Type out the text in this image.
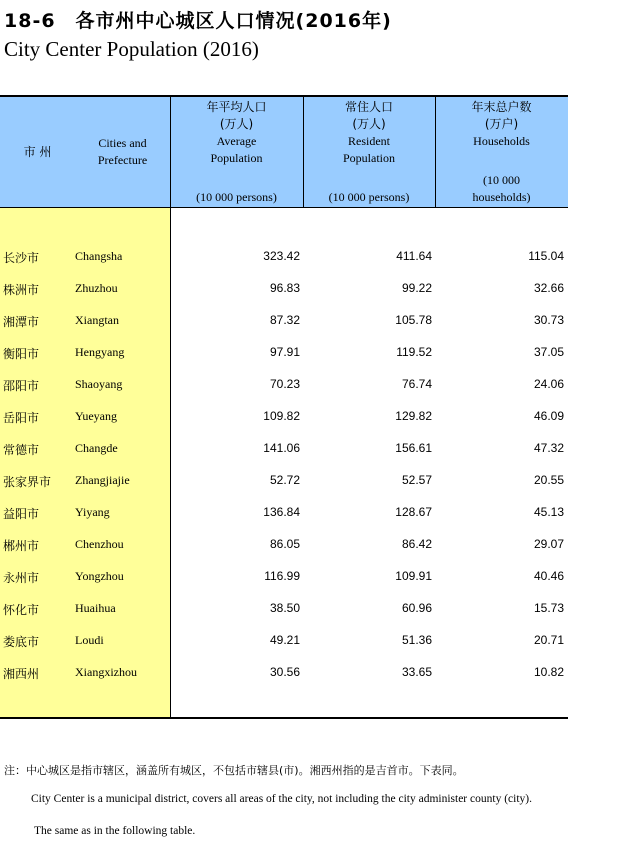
18-6　各市州中心城区人口情况(2016年)
City Center Population (2016)
市 州
Cities and
Prefecture
年平均人口
(万人)
Average
Population
(10 000 persons)
常住人口
(万人)
Resident
Population
(10 000 persons)
年末总户数
(万户)
Households
(10 000
households)
长沙市	Changsha	323.42	411.64	115.04
株洲市	Zhuzhou	96.83	99.22	32.66
湘潭市	Xiangtan	87.32	105.78	30.73
衡阳市	Hengyang	97.91	119.52	37.05
邵阳市	Shaoyang	70.23	76.74	24.06
岳阳市	Yueyang	109.82	129.82	46.09
常德市	Changde	141.06	156.61	47.32
张家界市 Zhangjiajie	52.72	52.57	20.55
益阳市	Yiyang	136.84	128.67	45.13
郴州市	Chenzhou	86.05	86.42	29.07
永州市	Yongzhou	116.99	109.91	40.46
怀化市	Huaihua	38.50	60.96	15.73
娄底市	Loudi	49.21	51.36	20.71
湘西州	Xiangxizhou	30.56	33.65	10.82
注：中心城区是指市辖区，涵盖所有城区，不包括市辖县(市)。湘西州指的是吉首市。下表同。
City Center is a municipal district, covers all areas of the city, not including the city administer county (city).
The same as in the following table.
